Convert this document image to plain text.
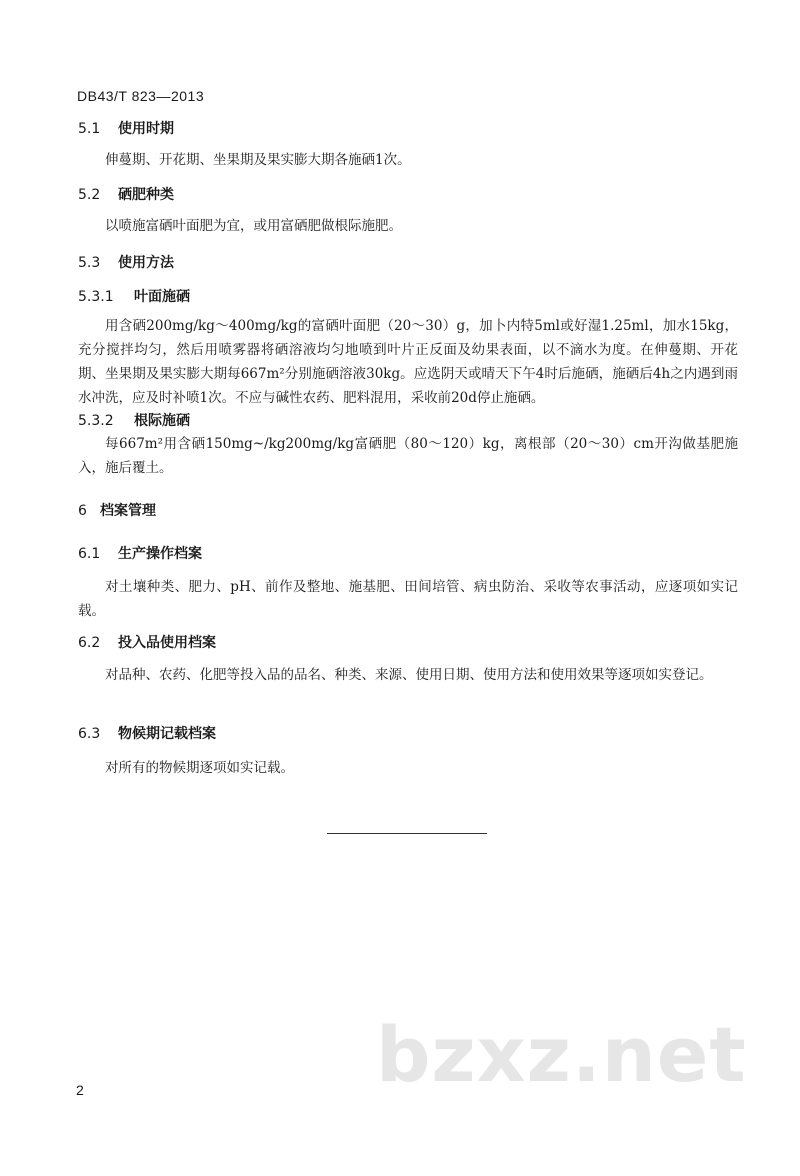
DB43/T 823—2013
5.1 使用时期
伸蔓期、开花期、坐果期及果实膨大期各施硒1次。
5.2 硒肥种类
以喷施富硒叶面肥为宜，或用富硒肥做根际施肥。
5.3 使用方法
5.3.1 叶面施硒
用含硒200mg/kg～400mg/kg的富硒叶面肥（20～30）g，加卜内特5ml或好湿1.25ml，加水15kg，充分搅拌均匀，然后用喷雾器将硒溶液均匀地喷到叶片正反面及幼果表面，以不滴水为度。在伸蔓期、开花期、坐果期及果实膨大期每667m²分别施硒溶液30kg。应选阴天或晴天下午4时后施硒，施硒后4h之内遇到雨水冲洗，应及时补喷1次。不应与碱性农药、肥料混用，采收前20d停止施硒。
5.3.2 根际施硒
每667m²用含硒150mg~/kg200mg/kg富硒肥（80～120）kg，离根部（20～30）cm开沟做基肥施入，施后覆土。
6 档案管理
6.1 生产操作档案
对土壤种类、肥力、pH、前作及整地、施基肥、田间培管、病虫防治、采收等农事活动，应逐项如实记载。
6.2 投入品使用档案
对品种、农药、化肥等投入品的品名、种类、来源、使用日期、使用方法和使用效果等逐项如实登记。
6.3 物候期记载档案
对所有的物候期逐项如实记载。
bzxz.net
2
